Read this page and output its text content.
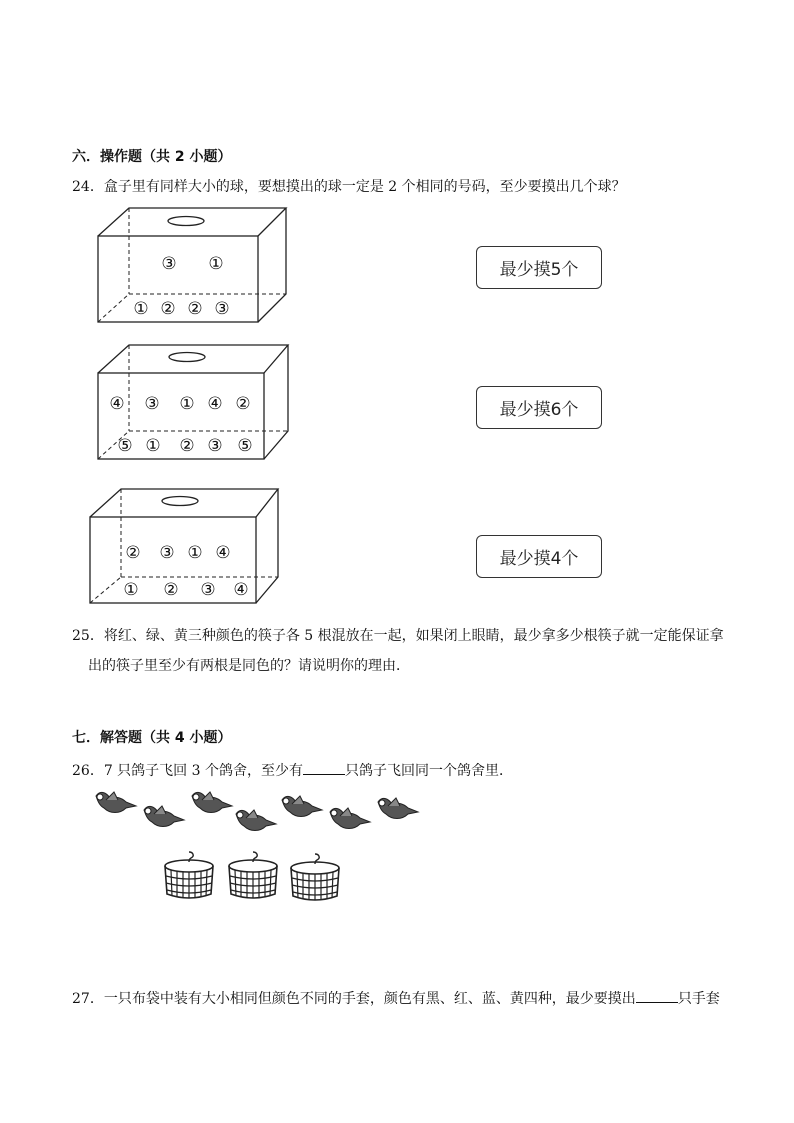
六．操作题（共 2 小题）
24．盒子里有同样大小的球，要想摸出的球一定是 2 个相同的号码，至少要摸出几个球？
③ ①
① ② ② ③
最少摸5个
④ ③ ① ④ ②
⑤ ① ② ③ ⑤
最少摸6个
② ③ ① ④
① ② ③ ④
最少摸4个
25．将红、绿、黄三种颜色的筷子各 5 根混放在一起，如果闭上眼睛，最少拿多少根筷子就一定能保证拿
出的筷子里至少有两根是同色的？请说明你的理由．
七．解答题（共 4 小题）
26．7 只鸽子飞回 3 个鸽舍，至少有	只鸽子飞回同一个鸽舍里．
27．一只布袋中装有大小相同但颜色不同的手套，颜色有黑、红、蓝、黄四种，最少要摸出	只手套
